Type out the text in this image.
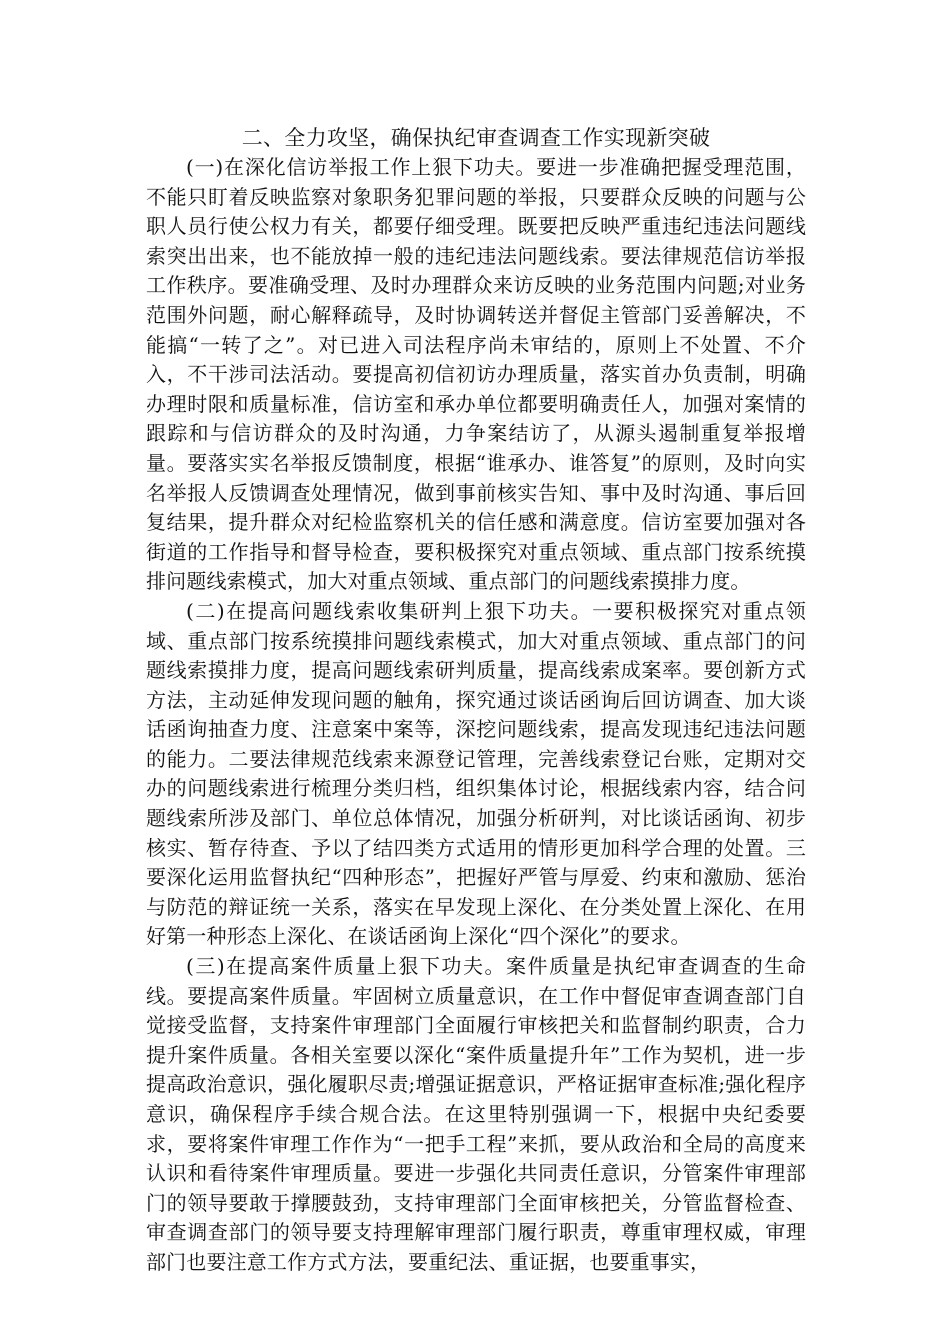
二、全力攻坚，确保执纪审查调查工作实现新突破

(一)在深化信访举报工作上狠下功夫。要进一步准确把握受理范围，不能只盯着反映监察对象职务犯罪问题的举报，只要群众反映的问题与公职人员行使公权力有关，都要仔细受理。既要把反映严重违纪违法问题线索突出出来，也不能放掉一般的违纪违法问题线索。要法律规范信访举报工作秩序。要准确受理、及时办理群众来访反映的业务范围内问题;对业务范围外问题，耐心解释疏导，及时协调转送并督促主管部门妥善解决，不能搞“一转了之”。对已进入司法程序尚未审结的，原则上不处置、不介入，不干涉司法活动。要提高初信初访办理质量，落实首办负责制，明确办理时限和质量标准，信访室和承办单位都要明确责任人，加强对案情的跟踪和与信访群众的及时沟通，力争案结访了，从源头遏制重复举报增量。要落实实名举报反馈制度，根据“谁承办、谁答复”的原则，及时向实名举报人反馈调查处理情况，做到事前核实告知、事中及时沟通、事后回复结果，提升群众对纪检监察机关的信任感和满意度。信访室要加强对各街道的工作指导和督导检查，要积极探究对重点领域、重点部门按系统摸排问题线索模式，加大对重点领域、重点部门的问题线索摸排力度。

(二)在提高问题线索收集研判上狠下功夫。一要积极探究对重点领域、重点部门按系统摸排问题线索模式，加大对重点领域、重点部门的问题线索摸排力度，提高问题线索研判质量，提高线索成案率。要创新方式方法，主动延伸发现问题的触角，探究通过谈话函询后回访调查、加大谈话函询抽查力度、注意案中案等，深挖问题线索，提高发现违纪违法问题的能力。二要法律规范线索来源登记管理，完善线索登记台账，定期对交办的问题线索进行梳理分类归档，组织集体讨论，根据线索内容，结合问题线索所涉及部门、单位总体情况，加强分析研判，对比谈话函询、初步核实、暂存待查、予以了结四类方式适用的情形更加科学合理的处置。三要深化运用监督执纪“四种形态”，把握好严管与厚爱、约束和激励、惩治与防范的辩证统一关系，落实在早发现上深化、在分类处置上深化、在用好第一种形态上深化、在谈话函询上深化“四个深化”的要求。

(三)在提高案件质量上狠下功夫。案件质量是执纪审查调查的生命线。要提高案件质量。牢固树立质量意识，在工作中督促审查调查部门自觉接受监督，支持案件审理部门全面履行审核把关和监督制约职责，合力提升案件质量。各相关室要以深化“案件质量提升年”工作为契机，进一步提高政治意识，强化履职尽责;增强证据意识，严格证据审查标准;强化程序意识，确保程序手续合规合法。在这里特别强调一下，根据中央纪委要求，要将案件审理工作作为“一把手工程”来抓，要从政治和全局的高度来认识和看待案件审理质量。要进一步强化共同责任意识，分管案件审理部门的领导要敢于撑腰鼓劲，支持审理部门全面审核把关，分管监督检查、审查调查部门的领导要支持理解审理部门履行职责，尊重审理权威，审理部门也要注意工作方式方法，要重纪法、重证据，也要重事实，
